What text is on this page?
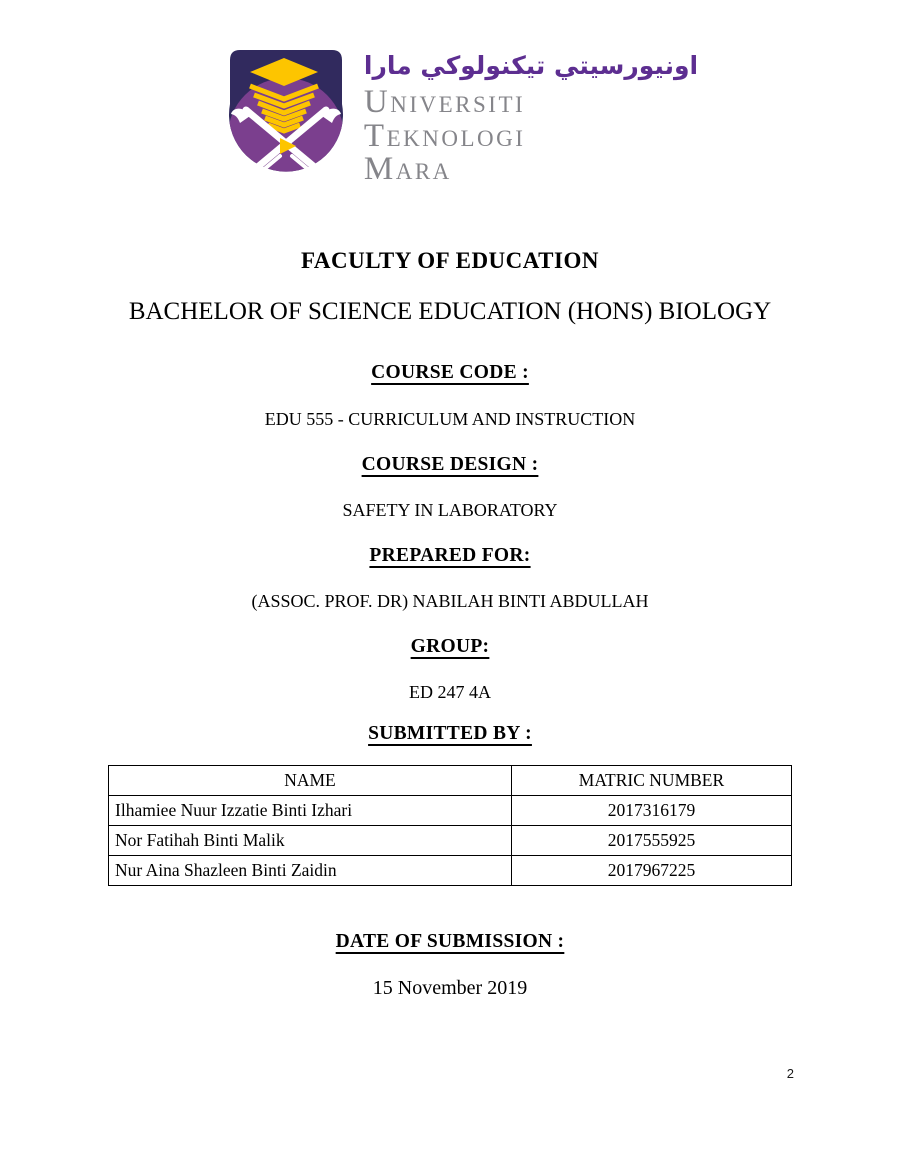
اونيورسيتي تيكنولوكي مارا
Universiti
Teknologi
Mara
FACULTY OF EDUCATION
BACHELOR OF SCIENCE EDUCATION (HONS) BIOLOGY
COURSE CODE :
EDU 555 - CURRICULUM AND INSTRUCTION
COURSE DESIGN :
SAFETY IN LABORATORY
PREPARED FOR:
(ASSOC. PROF. DR) NABILAH BINTI ABDULLAH
GROUP:
ED 247 4A
SUBMITTED BY :
NAME	MATRIC NUMBER
Ilhamiee Nuur Izzatie Binti Izhari	2017316179
Nor Fatihah Binti Malik	2017555925
Nur Aina Shazleen Binti Zaidin	2017967225
DATE OF SUBMISSION :
15 November 2019
2
